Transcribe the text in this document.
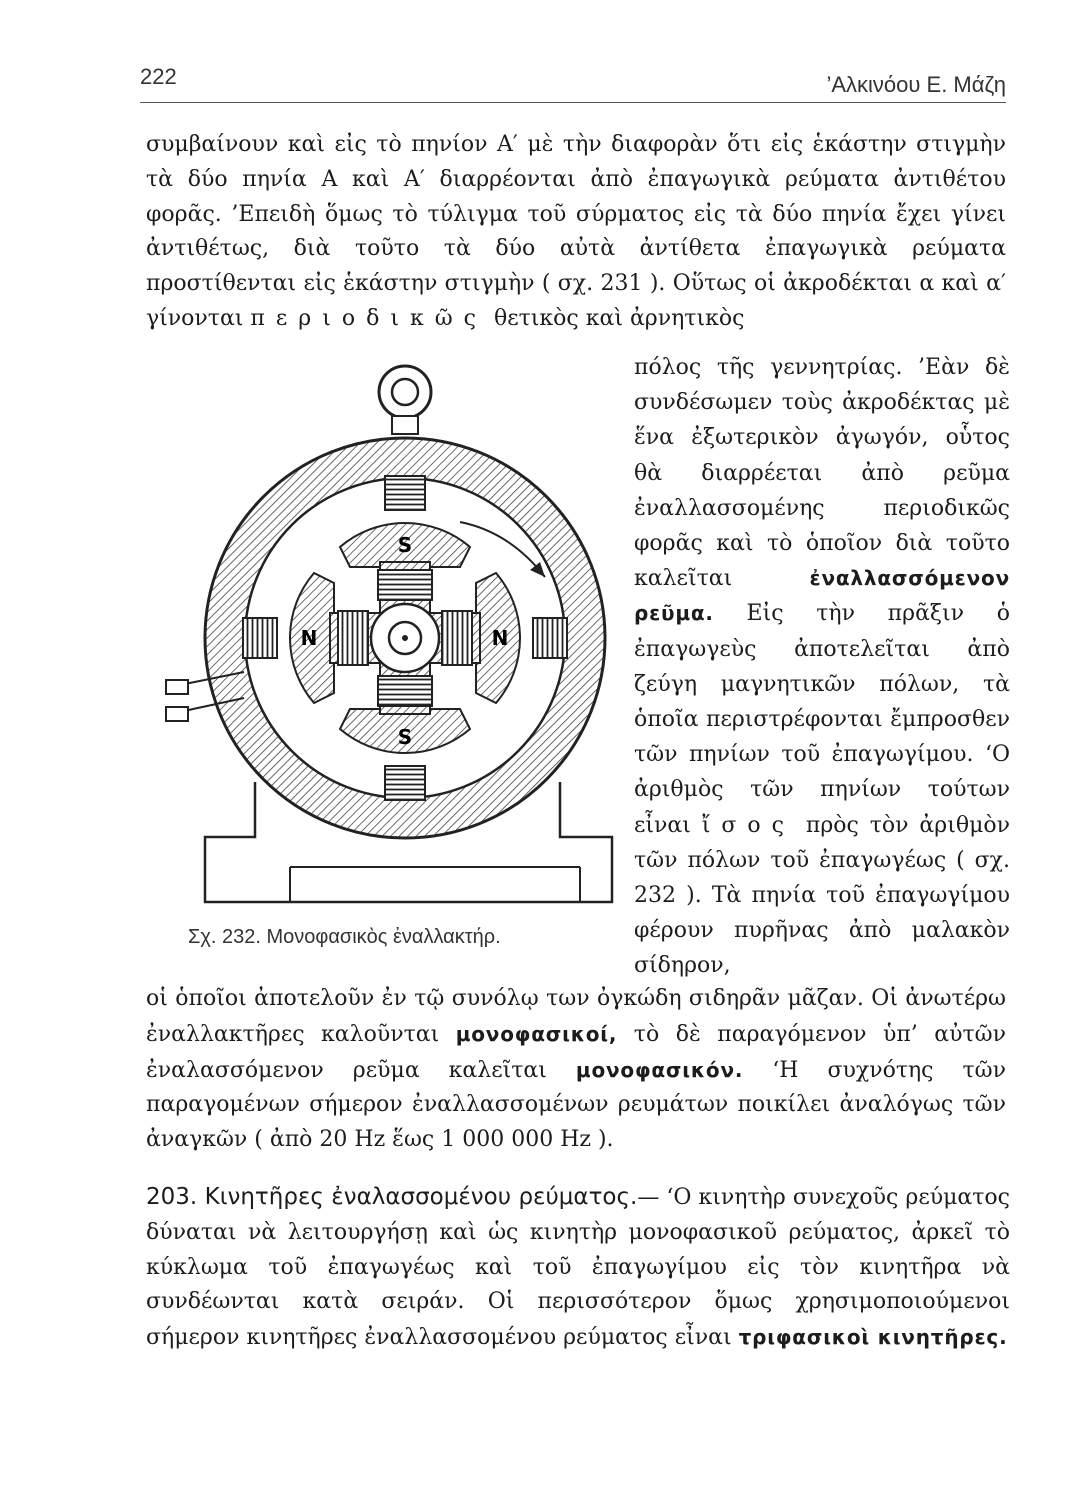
222	’Αλκινόου Ε. Μάζη

συμβαίνουν καὶ εἰς τὸ πηνίον Α′ μὲ τὴν διαφορὰν ὅτι εἰς ἑκάστην στιγμὴν τὰ δύο πηνία Α καὶ Α′ διαρρέονται ἀπὸ ἐπαγωγικὰ ρεύματα ἀντιθέτου φορᾶς. ’Επειδὴ ὅμως τὸ τύλιγμα τοῦ σύρματος εἰς τὰ δύο πηνία ἔχει γίνει ἀντιθέτως, διὰ τοῦτο τὰ δύο αὐτὰ ἀντίθετα ἐπαγωγικὰ ρεύματα προστίθενται εἰς ἑκάστην στιγμὴν ( σχ. 231 ). Οὕτως οἱ ἀκροδέκται α καὶ α′ γίνονται περιοδικῶς θετικὸς καὶ ἀρνητικὸς

πόλος τῆς γεννητρίας. ’Εὰν δὲ συνδέσωμεν τοὺς ἀκροδέκτας μὲ ἕνα ἐξωτερικὸν ἀγωγόν, οὗτος θὰ διαρρέεται ἀπὸ ρεῦμα ἐναλλασσομένης περιοδικῶς φορᾶς καὶ τὸ ὁποῖον διὰ τοῦτο καλεῖται	ἐναλλασσόμενον ρεῦμα. Εἰς τὴν πρᾶξιν ὁ ἐπαγωγεὺς ἀποτελεῖται ἀπὸ ζεύγη μαγνητικῶν πόλων, τὰ ὁποῖα περιστρέφονται ἔμπροσθεν τῶν πηνίων τοῦ ἐπαγωγίμου. ‘Ο ἀριθμὸς τῶν πηνίων τούτων εἶναι ἴσος πρὸς τὸν ἀριθμὸν τῶν πόλων τοῦ ἐπαγωγέως ( σχ. 232 ). Τὰ πηνία τοῦ ἐπαγωγίμου φέρουν πυρῆνας ἀπὸ μαλακὸν σίδηρον,

S
N	N
S
Σχ. 232. Μονοφασικὸς ἐναλλακτήρ.

οἱ ὁποῖοι ἀποτελοῦν ἐν τῷ συνόλῳ των ὀγκώδη σιδηρᾶν μᾶζαν. Οἱ ἀνωτέρω ἐναλλακτῆρες καλοῦνται μονοφασικοί, τὸ δὲ παραγόμενον ὑπ’ αὐτῶν ἐναλασσόμενον ρεῦμα καλεῖται μονοφασικόν. ‘Η συχνότης τῶν παραγομένων σήμερον ἐναλλασσομένων ρευμάτων ποικίλει ἀναλόγως τῶν ἀναγκῶν ( ἀπὸ 20 Hz ἕως 1 000 000 Hz ).

203. Κινητῆρες ἐναλασσομένου ρεύματος.— ‘Ο κινητὴρ συνεχοῦς ρεύματος δύναται νὰ λειτουργήσῃ καὶ ὡς κινητὴρ μονοφασικοῦ ρεύματος, ἀρκεῖ τὸ κύκλωμα τοῦ ἐπαγωγέως καὶ τοῦ ἐπαγωγίμου εἰς τὸν κινητῆρα νὰ συνδέωνται κατὰ σειράν. Οἱ περισσότερον ὅμως χρησιμοποιούμενοι σήμερον κινητῆρες ἐναλλασσομένου ρεύματος εἶναι τριφασικοὶ κινητῆρες.
